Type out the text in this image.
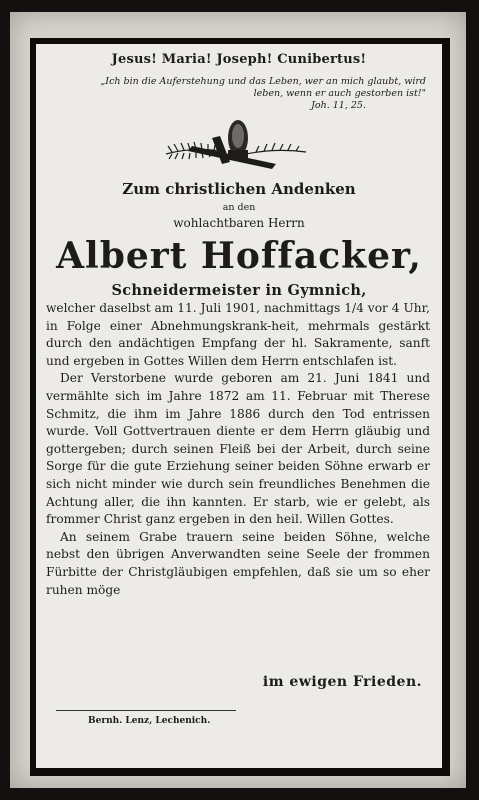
Jesus! Maria! Joseph! Cunibertus!
„Ich bin die Auferstehung und das Leben, wer an mich glaubt, wird leben, wenn er auch gestorben ist!"
Joh. 11, 25.
Zum christlichen Andenken
an den
wohlachtbaren Herrn
Albert Hoffacker,
Schneidermeister in Gymnich,

welcher daselbst am 11. Juli 1901, nachmittags 1/4 vor 4 Uhr, in Folge einer Abnehmungskrank-heit, mehrmals gestärkt durch den andächtigen Empfang der hl. Sakramente, sanft und ergeben in Gottes Willen dem Herrn entschlafen ist.

Der Verstorbene wurde geboren am 21. Juni 1841 und vermählte sich im Jahre 1872 am 11. Februar mit Therese Schmitz, die ihm im Jahre 1886 durch den Tod entrissen wurde. Voll Gottvertrauen diente er dem Herrn gläubig und gottergeben; durch seinen Fleiß bei der Arbeit, durch seine Sorge für die gute Erziehung seiner beiden Söhne erwarb er sich nicht minder wie durch sein freundliches Benehmen die Achtung aller, die ihn kannten. Er starb, wie er gelebt, als frommer Christ ganz ergeben in den heil. Willen Gottes.

An seinem Grabe trauern seine beiden Söhne, welche nebst den übrigen Anverwandten seine Seele der frommen Fürbitte der Christgläubigen empfehlen, daß sie um so eher ruhen möge

im ewigen Frieden.
Bernh. Lenz, Lechenich.
